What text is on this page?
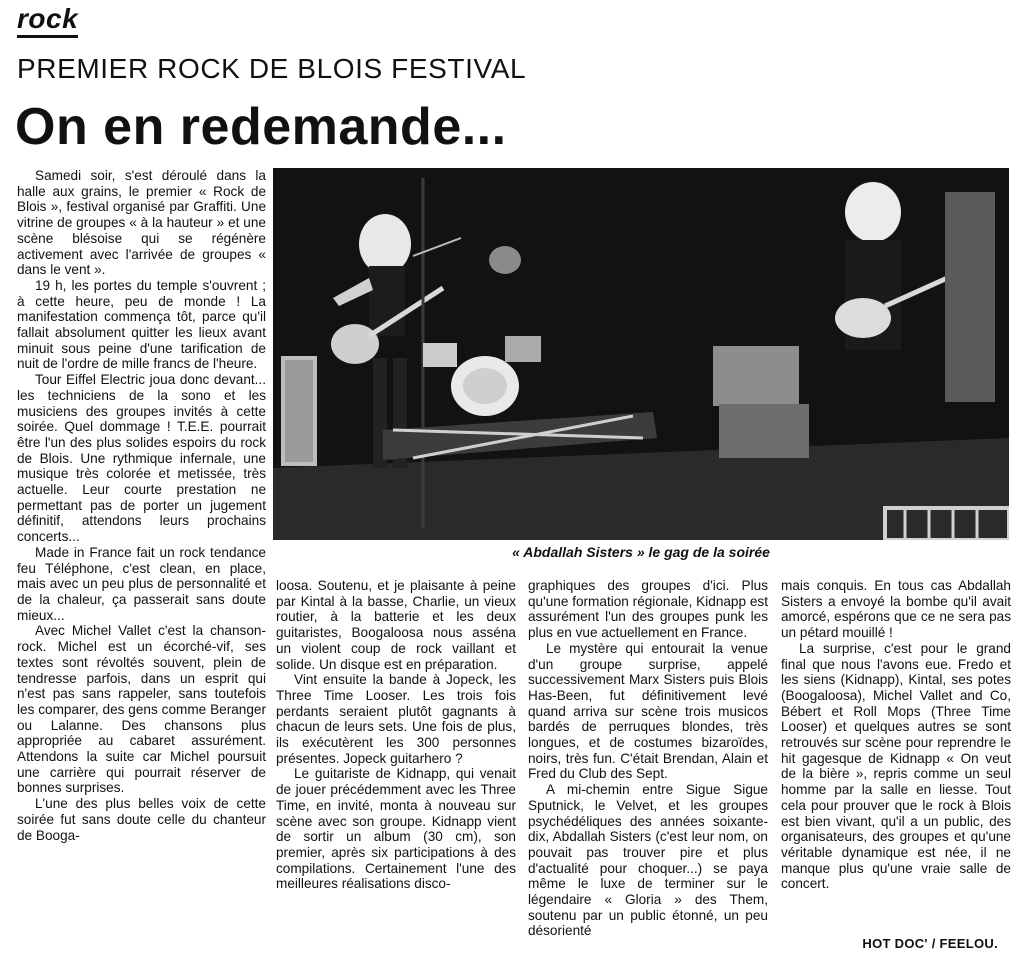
rock
PREMIER ROCK DE BLOIS FESTIVAL
On en redemande...

Samedi soir, s'est déroulé dans la halle aux grains, le premier « Rock de Blois », festival organisé par Graffiti. Une vitrine de groupes « à la hauteur » et une scène blésoise qui se régénère activement avec l'arrivée de groupes « dans le vent ».

19 h, les portes du temple s'ouvrent ; à cette heure, peu de monde ! La manifestation commença tôt, parce qu'il fallait absolument quitter les lieux avant minuit sous peine d'une tarification de nuit de l'ordre de mille francs de l'heure.

Tour Eiffel Electric joua donc devant... les techniciens de la sono et les musiciens des groupes invités à cette soirée. Quel dommage ! T.E.E. pourrait être l'un des plus solides espoirs du rock de Blois. Une rythmique infernale, une musique très colorée et metissée, très actuelle. Leur courte prestation ne permettant pas de porter un jugement définitif, attendons leurs prochains concerts...

Made in France fait un rock tendance feu Téléphone, c'est clean, en place, mais avec un peu plus de personnalité et de la chaleur, ça passerait sans doute mieux...

Avec Michel Vallet c'est la chanson-rock. Michel est un écorché-vif, ses textes sont révoltés souvent, plein de tendresse parfois, dans un esprit qui n'est pas sans rappeler, sans toutefois les comparer, des gens comme Beranger ou Lalanne. Des chansons plus appropriée au cabaret assurément. Attendons la suite car Michel poursuit une carrière qui pourrait réserver de bonnes surprises.

L'une des plus belles voix de cette soirée fut sans doute celle du chanteur de Booga-

« Abdallah Sisters » le gag de la soirée

loosa. Soutenu, et je plaisante à peine par Kintal à la basse, Charlie, un vieux routier, à la batterie et les deux guitaristes, Boogaloosa nous asséna un violent coup de rock vaillant et solide. Un disque est en préparation.

Vint ensuite la bande à Jopeck, les Three Time Looser. Les trois fois perdants seraient plutôt gagnants à chacun de leurs sets. Une fois de plus, ils exécutèrent les 300 personnes présentes. Jopeck guitarhero ?

Le guitariste de Kidnapp, qui venait de jouer précédemment avec les Three Time, en invité, monta à nouveau sur scène avec son groupe. Kidnapp vient de sortir un album (30 cm), son premier, après six participations à des compilations. Certainement l'une des meilleures réalisations disco-

graphiques des groupes d'ici. Plus qu'une formation régionale, Kidnapp est assurément l'un des groupes punk les plus en vue actuellement en France.

Le mystère qui entourait la venue d'un groupe surprise, appelé successivement Marx Sisters puis Blois Has-Been, fut définitivement levé quand arriva sur scène trois musicos bardés de perruques blondes, très longues, et de costumes bizaroïdes, noirs, très fun. C'était Brendan, Alain et Fred du Club des Sept.

A mi-chemin entre Sigue Sigue Sputnick, le Velvet, et les groupes psychédéliques des années soixante-dix, Abdallah Sisters (c'est leur nom, on pouvait pas trouver pire et plus d'actualité pour choquer...) se paya même le luxe de terminer sur le légendaire « Gloria » des Them, soutenu par un public étonné, un peu désorienté

mais conquis. En tous cas Abdallah Sisters a envoyé la bombe qu'il avait amorcé, espérons que ce ne sera pas un pétard mouillé !

La surprise, c'est pour le grand final que nous l'avons eue. Fredo et les siens (Kidnapp), Kintal, ses potes (Boogaloosa), Michel Vallet and Co, Bébert et Roll Mops (Three Time Looser) et quelques autres se sont retrouvés sur scène pour reprendre le hit gagesque de Kidnapp « On veut de la bière », repris comme un seul homme par la salle en liesse. Tout cela pour prouver que le rock à Blois est bien vivant, qu'il a un public, des organisateurs, des groupes et qu'une véritable dynamique est née, il ne manque plus qu'une vraie salle de concert.

HOT DOC' / FEELOU.
